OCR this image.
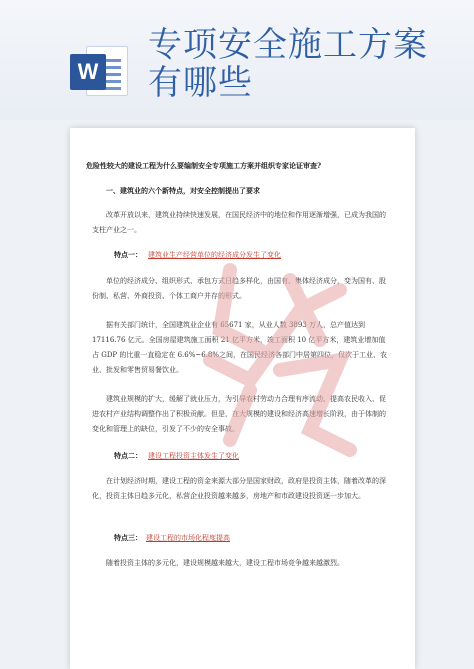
W
专项安全施工方案
有哪些
危险性较大的建设工程为什么要编制安全专项施工方案并组织专家论证审查?
一、建筑业的六个新特点，对安全控制提出了要求
改革开放以来，建筑业持续快速发展，在国民经济中的地位和作用逐渐增强，已成为我国的支柱产业之一。
特点一： 建筑业生产经营单位的经济成分发生了变化
单位的经济成分、组织形式、承包方式日趋多样化，由国有、集体经济成分，变为国有、股份制、私营、外商投资、个体工商户并存的形式。
据有关部门统计，全国建筑业企业有 65671 家，从业人数 3893 万人，总产值达到17116.76 亿元。全国房屋建筑施工面积 21 亿平方米，竣工面积 10 亿平方米，建筑业增加值占 GDP 的比重一直稳定在 6.6%~6.8%之间，在国民经济各部门中居第四位，仅次于工业、农业、批发和零售贸易餐饮业。
建筑业规模的扩大，缓解了就业压力，为引导农村劳动力合理有序流动、提高农民收入、促进农村产业结构调整作出了积极贡献。但是，在大规模的建设和经济高速增长阶段，由于体制的变化和管理上的缺位，引发了不少的安全事故。
特点二： 建设工程投资主体发生了变化
在计划经济时期，建设工程的资金来源大部分是国家财政，政府是投资主体，随着改革的深化，投资主体日趋多元化，私营企业投资越来越多，房地产和市政建设投资逐一步加大。
特点三： 建设工程的市场化程度提高
随着投资主体的多元化，建设规模越来越大，建设工程市场竞争越来越激烈。
